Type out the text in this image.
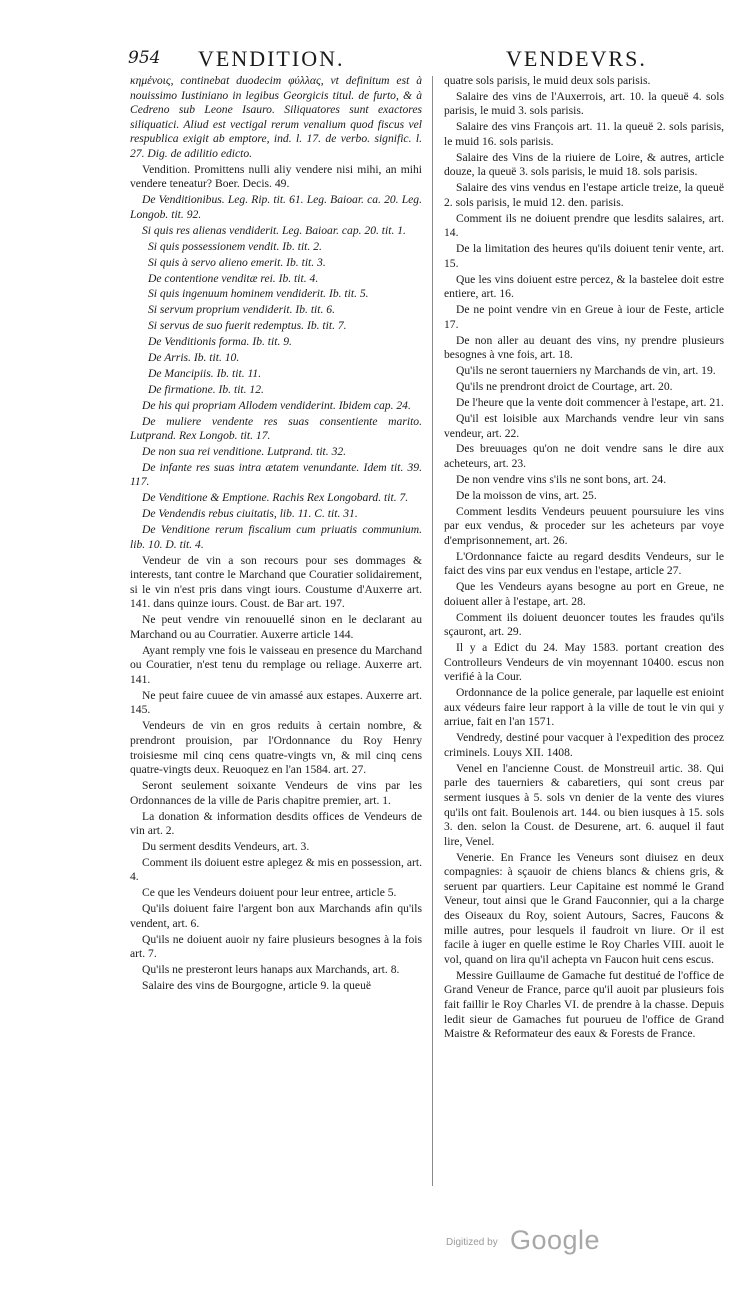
954 VENDITION.	VENDEVRS.

κημένοις, continebat duodecim φύλλας, vt definitum est à nouissimo Iustiniano in legibus Georgicis titul. de furto, & à Cedreno sub Leone Isauro. Siliquatores sunt exactores siliquatici. Aliud est vectigal rerum venalium quod fiscus vel respublica exigit ab emptore, ind. l. 17. de verbo. signific. l. 27. Dig. de adilitio edicto.

Vendition. Promittens nulli aliy vendere nisi mihi, an mihi vendere teneatur? Boer. Decis. 49.

De Venditionibus. Leg. Rip. tit. 61. Leg. Baioar. ca. 20. Leg. Longob. tit. 92.

Si quis res alienas vendiderit. Leg. Baioar. cap. 20. tit. 1.

Si quis possessionem vendit. Ib. tit. 2.

Si quis à servo alieno emerit. Ib. tit. 3.

De contentione venditæ rei. Ib. tit. 4.

Si quis ingenuum hominem vendiderit. Ib. tit. 5.

Si servum proprium vendiderit. Ib. tit. 6.

Si servus de suo fuerit redemptus. Ib. tit. 7.

De Venditionis forma. Ib. tit. 9.

De Arris. Ib. tit. 10.

De Mancipiis. Ib. tit. 11.

De firmatione. Ib. tit. 12.

De his qui propriam Allodem vendiderint. Ibidem cap. 24.

De muliere vendente res suas consentiente marito. Lutprand. Rex Longob. tit. 17.

De non sua rei venditione. Lutprand. tit. 32.

De infante res suas intra ætatem venundante. Idem tit. 39. 117.

De Venditione & Emptione. Rachis Rex Longobard. tit. 7.

De Vendendis rebus ciuitatis, lib. 11. C. tit. 31.

De Venditione rerum fiscalium cum priuatis communium. lib. 10. D. tit. 4.

Vendeur de vin a son recours pour ses dommages & interests, tant contre le Marchand que Couratier solidairement, si le vin n'est pris dans vingt iours. Coustume d'Auxerre art. 141. dans quinze iours. Coust. de Bar art. 197.

Ne peut vendre vin renouuellé sinon en le declarant au Marchand ou au Courratier. Auxerre article 144.

Ayant remply vne fois le vaisseau en presence du Marchand ou Couratier, n'est tenu du remplage ou reliage. Auxerre art. 141.

Ne peut faire cuuee de vin amassé aux estapes. Auxerre art. 145.

Vendeurs de vin en gros reduits à certain nombre, & prendront prouision, par l'Ordonnance du Roy Henry troisiesme mil cinq cens quatre-vingts vn, & mil cinq cens quatre-vingts deux. Reuoquez en l'an 1584. art. 27.

Seront seulement soixante Vendeurs de vins par les Ordonnances de la ville de Paris chapitre premier, art. 1.

La donation & information desdits offices de Vendeurs de vin art. 2.

Du serment desdits Vendeurs, art. 3.

Comment ils doiuent estre aplegez & mis en possession, art. 4.

Ce que les Vendeurs doiuent pour leur entree, article 5.

Qu'ils doiuent faire l'argent bon aux Marchands afin qu'ils vendent, art. 6.

Qu'ils ne doiuent auoir ny faire plusieurs besognes à la fois art. 7.

Qu'ils ne presteront leurs hanaps aux Marchands, art. 8.

Salaire des vins de Bourgogne, article 9. la queuë

quatre sols parisis, le muid deux sols parisis.

Salaire des vins de l'Auxerrois, art. 10. la queuë 4. sols parisis, le muid 3. sols parisis.

Salaire des vins François art. 11. la queuë 2. sols parisis, le muid 16. sols parisis.

Salaire des Vins de la riuiere de Loire, & autres, article douze, la queuë 3. sols parisis, le muid 18. sols parisis.

Salaire des vins vendus en l'estape article treize, la queuë 2. sols parisis, le muid 12. den. parisis.

Comment ils ne doiuent prendre que lesdits salaires, art. 14.

De la limitation des heures qu'ils doiuent tenir vente, art. 15.

Que les vins doiuent estre percez, & la bastelee doit estre entiere, art. 16.

De ne point vendre vin en Greue à iour de Feste, article 17.

De non aller au deuant des vins, ny prendre plusieurs besognes à vne fois, art. 18.

Qu'ils ne seront tauerniers ny Marchands de vin, art. 19.

Qu'ils ne prendront droict de Courtage, art. 20.

De l'heure que la vente doit commencer à l'estape, art. 21.

Qu'il est loisible aux Marchands vendre leur vin sans vendeur, art. 22.

Des breuuages qu'on ne doit vendre sans le dire aux acheteurs, art. 23.

De non vendre vins s'ils ne sont bons, art. 24.

De la moisson de vins, art. 25.

Comment lesdits Vendeurs peuuent poursuiure les vins par eux vendus, & proceder sur les acheteurs par voye d'emprisonnement, art. 26.

L'Ordonnance faicte au regard desdits Vendeurs, sur le faict des vins par eux vendus en l'estape, article 27.

Que les Vendeurs ayans besogne au port en Greue, ne doiuent aller à l'estape, art. 28.

Comment ils doiuent deuoncer toutes les fraudes qu'ils sçauront, art. 29.

Il y a Edict du 24. May 1583. portant creation des Controlleurs Vendeurs de vin moyennant 10400. escus non verifié à la Cour.

Ordonnance de la police generale, par laquelle est enioint aux védeurs faire leur rapport à la ville de tout le vin qui y arriue, fait en l'an 1571.

Vendredy, destiné pour vacquer à l'expedition des procez criminels. Louys XII. 1408.

Venel en l'ancienne Coust. de Monstreuil artic. 38. Qui parle des tauerniers & cabaretiers, qui sont creus par serment iusques à 5. sols vn denier de la vente des viures qu'ils ont fait. Boulenois art. 144. ou bien iusques à 15. sols 3. den. selon la Coust. de Desurene, art. 6. auquel il faut lire, Venel.

Venerie. En France les Veneurs sont diuisez en deux compagnies: à sçauoir de chiens blancs & chiens gris, & seruent par quartiers. Leur Capitaine est nommé le Grand Veneur, tout ainsi que le Grand Fauconnier, qui a la charge des Oiseaux du Roy, soient Autours, Sacres, Faucons & mille autres, pour lesquels il faudroit vn liure. Or il est facile à iuger en quelle estime le Roy Charles VIII. auoit le vol, quand on lira qu'il achepta vn Faucon huit cens escus.

Messire Guillaume de Gamache fut destitué de l'office de Grand Veneur de France, parce qu'il auoit par plusieurs fois fait faillir le Roy Charles VI. de prendre à la chasse. Depuis ledit sieur de Gamaches fut pourueu de l'office de Grand Maistre & Reformateur des eaux & Forests de France.

Digitized by Google
